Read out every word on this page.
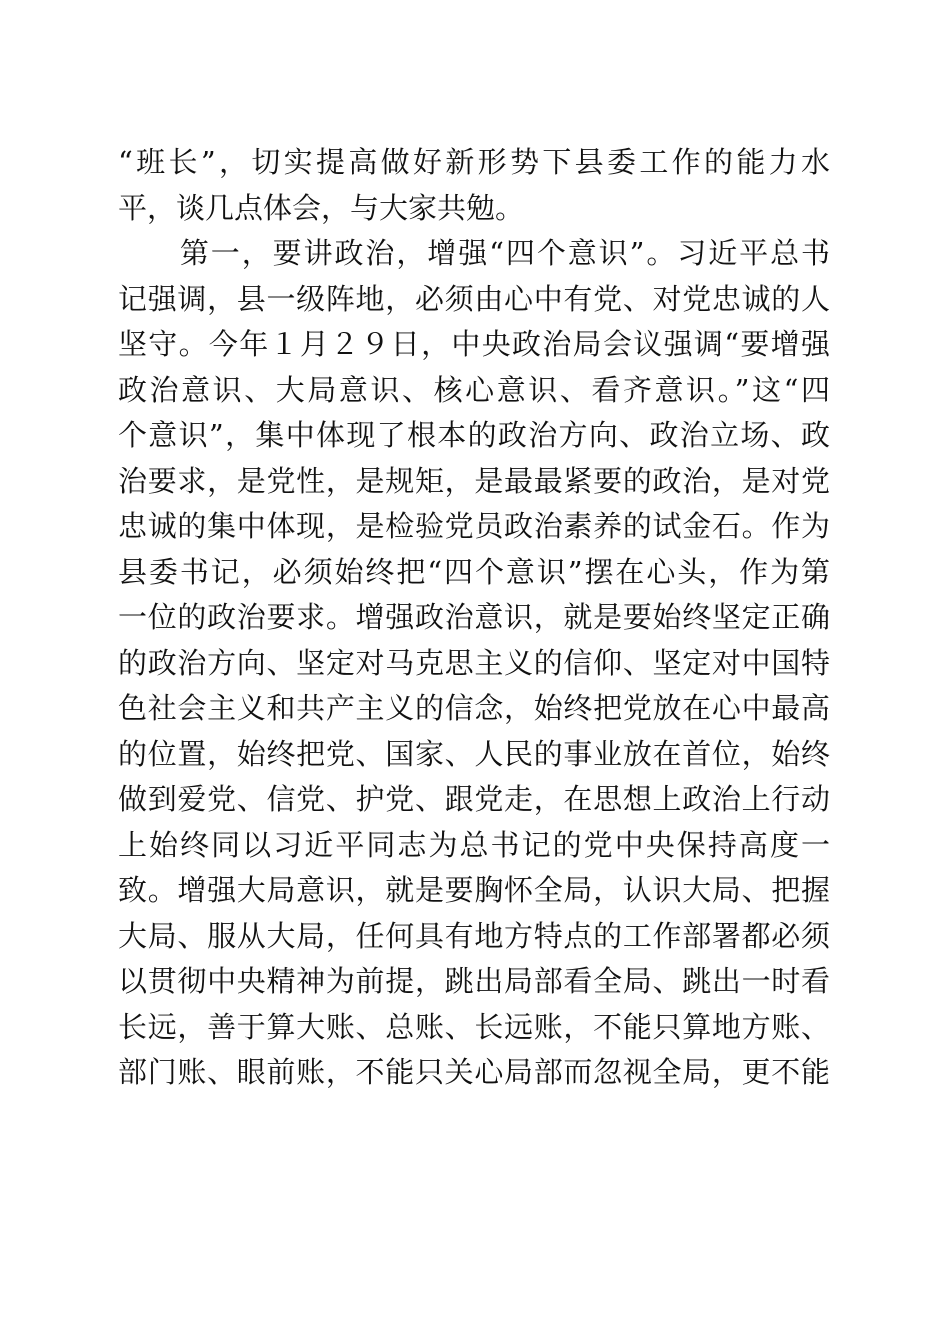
“班长”，切实提高做好新形势下县委工作的能力水
平，谈几点体会，与大家共勉。
　　第一，要讲政治，增强“四个意识”。习近平总书
记强调，县一级阵地，必须由心中有党、对党忠诚的人
坚守。今年１月２９日，中央政治局会议强调“要增强
政治意识、大局意识、核心意识、看齐意识。”这“四
个意识”，集中体现了根本的政治方向、政治立场、政
治要求，是党性，是规矩，是最最紧要的政治，是对党
忠诚的集中体现，是检验党员政治素养的试金石。作为
县委书记，必须始终把“四个意识”摆在心头，作为第
一位的政治要求。增强政治意识，就是要始终坚定正确
的政治方向、坚定对马克思主义的信仰、坚定对中国特
色社会主义和共产主义的信念，始终把党放在心中最高
的位置，始终把党、国家、人民的事业放在首位，始终
做到爱党、信党、护党、跟党走，在思想上政治上行动
上始终同以习近平同志为总书记的党中央保持高度一
致。增强大局意识，就是要胸怀全局，认识大局、把握
大局、服从大局，任何具有地方特点的工作部署都必须
以贯彻中央精神为前提，跳出局部看全局、跳出一时看
长远，善于算大账、总账、长远账，不能只算地方账、
部门账、眼前账，不能只关心局部而忽视全局，更不能
